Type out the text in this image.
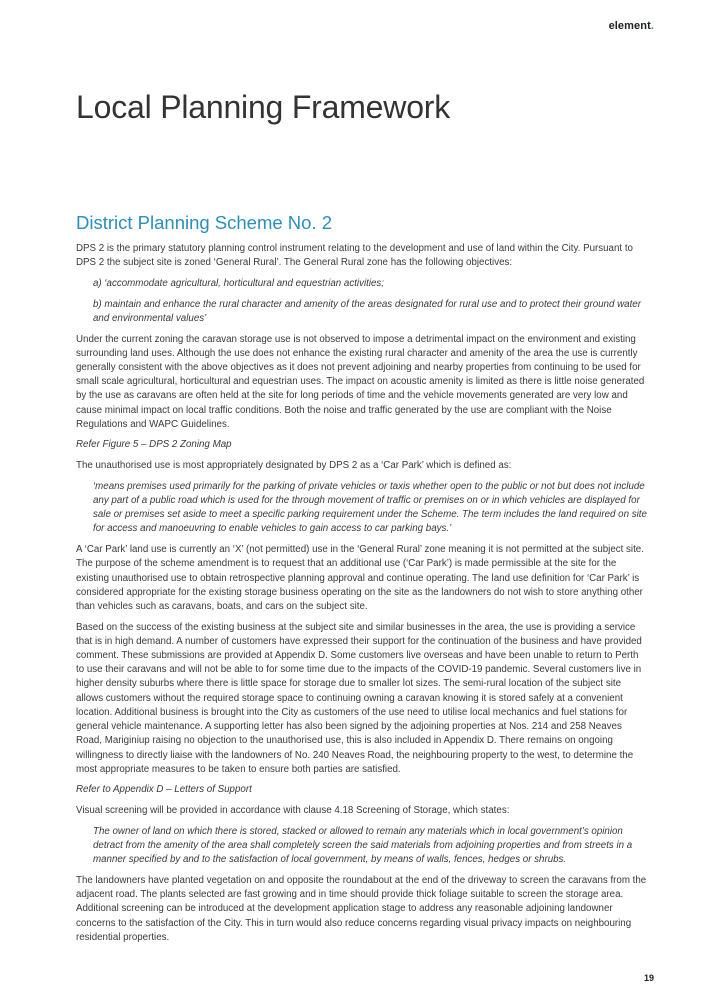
element.
Local Planning Framework
District Planning Scheme No. 2

DPS 2 is the primary statutory planning control instrument relating to the development and use of land within the City. Pursuant to DPS 2 the subject site is zoned ‘General Rural’. The General Rural zone has the following objectives:

a) ‘accommodate agricultural, horticultural and equestrian activities;

b) maintain and enhance the rural character and amenity of the areas designated for rural use and to protect their ground water and environmental values’

Under the current zoning the caravan storage use is not observed to impose a detrimental impact on the environment and existing surrounding land uses. Although the use does not enhance the existing rural character and amenity of the area the use is currently generally consistent with the above objectives as it does not prevent adjoining and nearby properties from continuing to be used for small scale agricultural, horticultural and equestrian uses. The impact on acoustic amenity is limited as there is little noise generated by the use as caravans are often held at the site for long periods of time and the vehicle movements generated are very low and cause minimal impact on local traffic conditions. Both the noise and traffic generated by the use are compliant with the Noise Regulations and WAPC Guidelines.

Refer Figure 5 – DPS 2 Zoning Map

The unauthorised use is most appropriately designated by DPS 2 as a ‘Car Park’ which is defined as:

‘means premises used primarily for the parking of private vehicles or taxis whether open to the public or not but does not include any part of a public road which is used for the through movement of traffic or premises on or in which vehicles are displayed for sale or premises set aside to meet a specific parking requirement under the Scheme. The term includes the land required on site for access and manoeuvring to enable vehicles to gain access to car parking bays.’

A ‘Car Park’ land use is currently an ‘X’ (not permitted) use in the ‘General Rural’ zone meaning it is not permitted at the subject site. The purpose of the scheme amendment is to request that an additional use (‘Car Park’) is made permissible at the site for the existing unauthorised use to obtain retrospective planning approval and continue operating. The land use definition for ‘Car Park’ is considered appropriate for the existing storage business operating on the site as the landowners do not wish to store anything other than vehicles such as caravans, boats, and cars on the subject site.

Based on the success of the existing business at the subject site and similar businesses in the area, the use is providing a service that is in high demand. A number of customers have expressed their support for the continuation of the business and have provided comment. These submissions are provided at Appendix D. Some customers live overseas and have been unable to return to Perth to use their caravans and will not be able to for some time due to the impacts of the COVID-19 pandemic. Several customers live in higher density suburbs where there is little space for storage due to smaller lot sizes. The semi-rural location of the subject site allows customers without the required storage space to continuing owning a caravan knowing it is stored safely at a convenient location. Additional business is brought into the City as customers of the use need to utilise local mechanics and fuel stations for general vehicle maintenance. A supporting letter has also been signed by the adjoining properties at Nos. 214 and 258 Neaves Road, Mariginiup raising no objection to the unauthorised use, this is also included in Appendix D. There remains on ongoing willingness to directly liaise with the landowners of No. 240 Neaves Road, the neighbouring property to the west, to determine the most appropriate measures to be taken to ensure both parties are satisfied.

Refer to Appendix D – Letters of Support

Visual screening will be provided in accordance with clause 4.18 Screening of Storage, which states:

The owner of land on which there is stored, stacked or allowed to remain any materials which in local government’s opinion detract from the amenity of the area shall completely screen the said materials from adjoining properties and from streets in a manner specified by and to the satisfaction of local government, by means of walls, fences, hedges or shrubs.

The landowners have planted vegetation on and opposite the roundabout at the end of the driveway to screen the caravans from the adjacent road. The plants selected are fast growing and in time should provide thick foliage suitable to screen the storage area. Additional screening can be introduced at the development application stage to address any reasonable adjoining landowner concerns to the satisfaction of the City. This in turn would also reduce concerns regarding visual privacy impacts on neighbouring residential properties.

19
